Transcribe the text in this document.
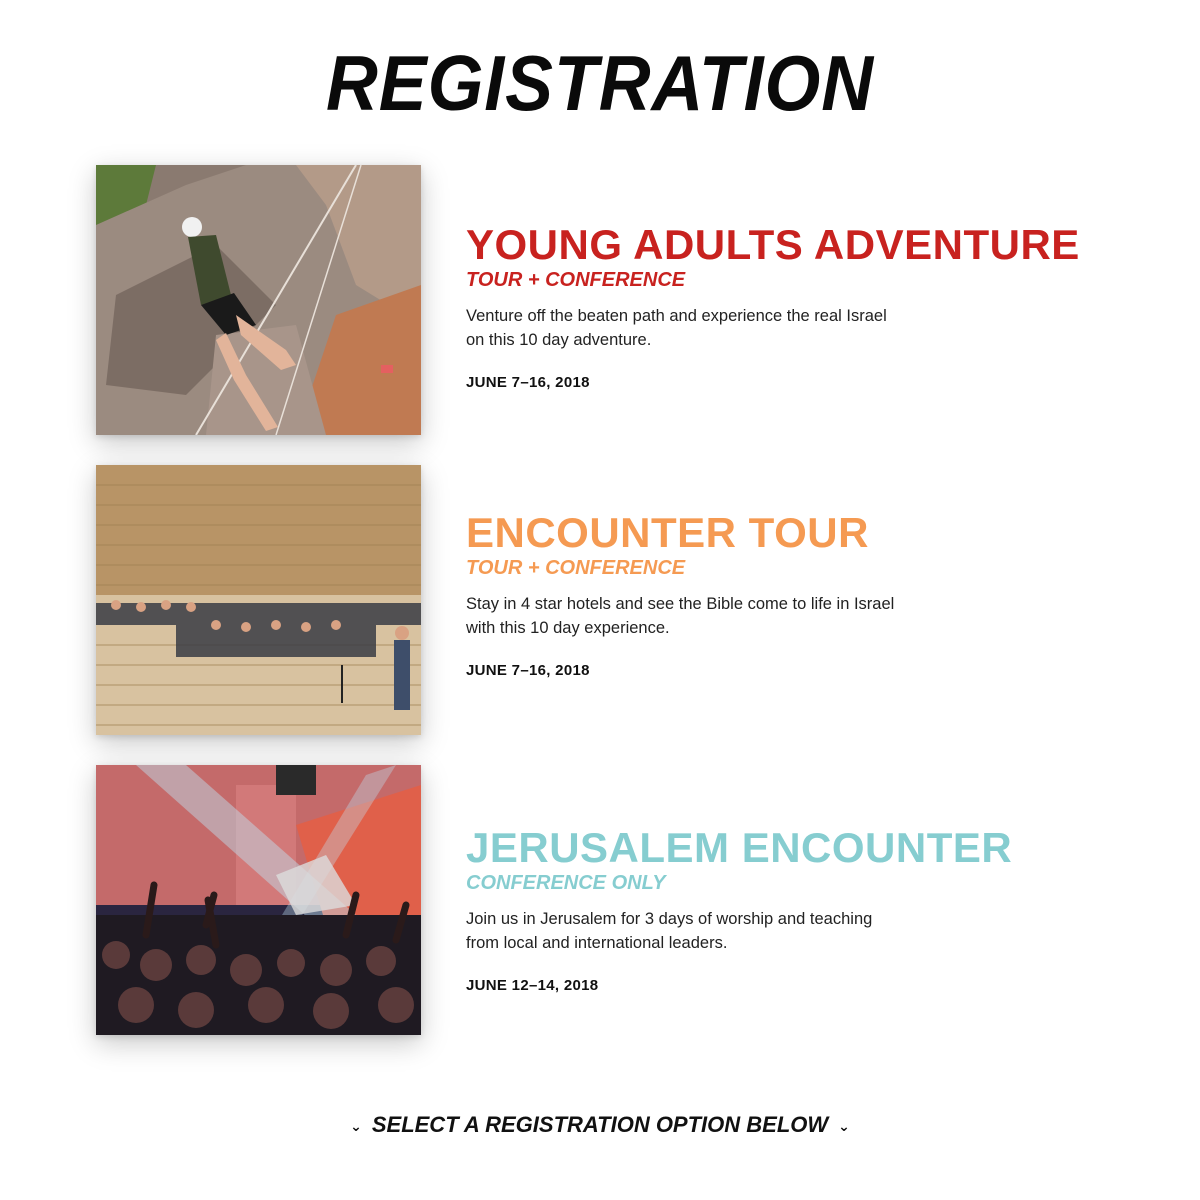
REGISTRATION
YOUNG ADULTS ADVENTURE

TOUR + CONFERENCE

Venture off the beaten path and experience the real Israel on this 10 day adventure.

JUNE 7–16, 2018

ENCOUNTER TOUR

TOUR + CONFERENCE

Stay in 4 star hotels and see the Bible come to life in Israel with this 10 day experience.

JUNE 7–16, 2018

JERUSALEM ENCOUNTER

CONFERENCE ONLY

Join us in Jerusalem for 3 days of worship and teaching from local and international leaders.

JUNE 12–14, 2018

⌄ SELECT A REGISTRATION OPTION BELOW ⌄
